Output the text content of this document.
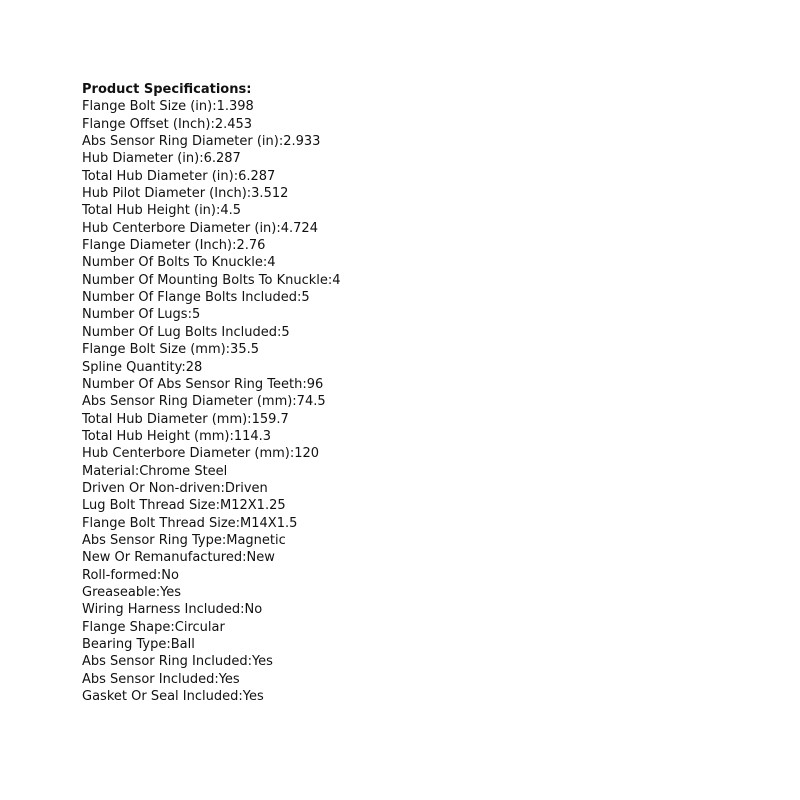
Product Specifications:
Flange Bolt Size (in):1.398
Flange Offset (Inch):2.453
Abs Sensor Ring Diameter (in):2.933
Hub Diameter (in):6.287
Total Hub Diameter (in):6.287
Hub Pilot Diameter (Inch):3.512
Total Hub Height (in):4.5
Hub Centerbore Diameter (in):4.724
Flange Diameter (Inch):2.76
Number Of Bolts To Knuckle:4
Number Of Mounting Bolts To Knuckle:4
Number Of Flange Bolts Included:5
Number Of Lugs:5
Number Of Lug Bolts Included:5
Flange Bolt Size (mm):35.5
Spline Quantity:28
Number Of Abs Sensor Ring Teeth:96
Abs Sensor Ring Diameter (mm):74.5
Total Hub Diameter (mm):159.7
Total Hub Height (mm):114.3
Hub Centerbore Diameter (mm):120
Material:Chrome Steel
Driven Or Non-driven:Driven
Lug Bolt Thread Size:M12X1.25
Flange Bolt Thread Size:M14X1.5
Abs Sensor Ring Type:Magnetic
New Or Remanufactured:New
Roll-formed:No
Greaseable:Yes
Wiring Harness Included:No
Flange Shape:Circular
Bearing Type:Ball
Abs Sensor Ring Included:Yes
Abs Sensor Included:Yes
Gasket Or Seal Included:Yes
